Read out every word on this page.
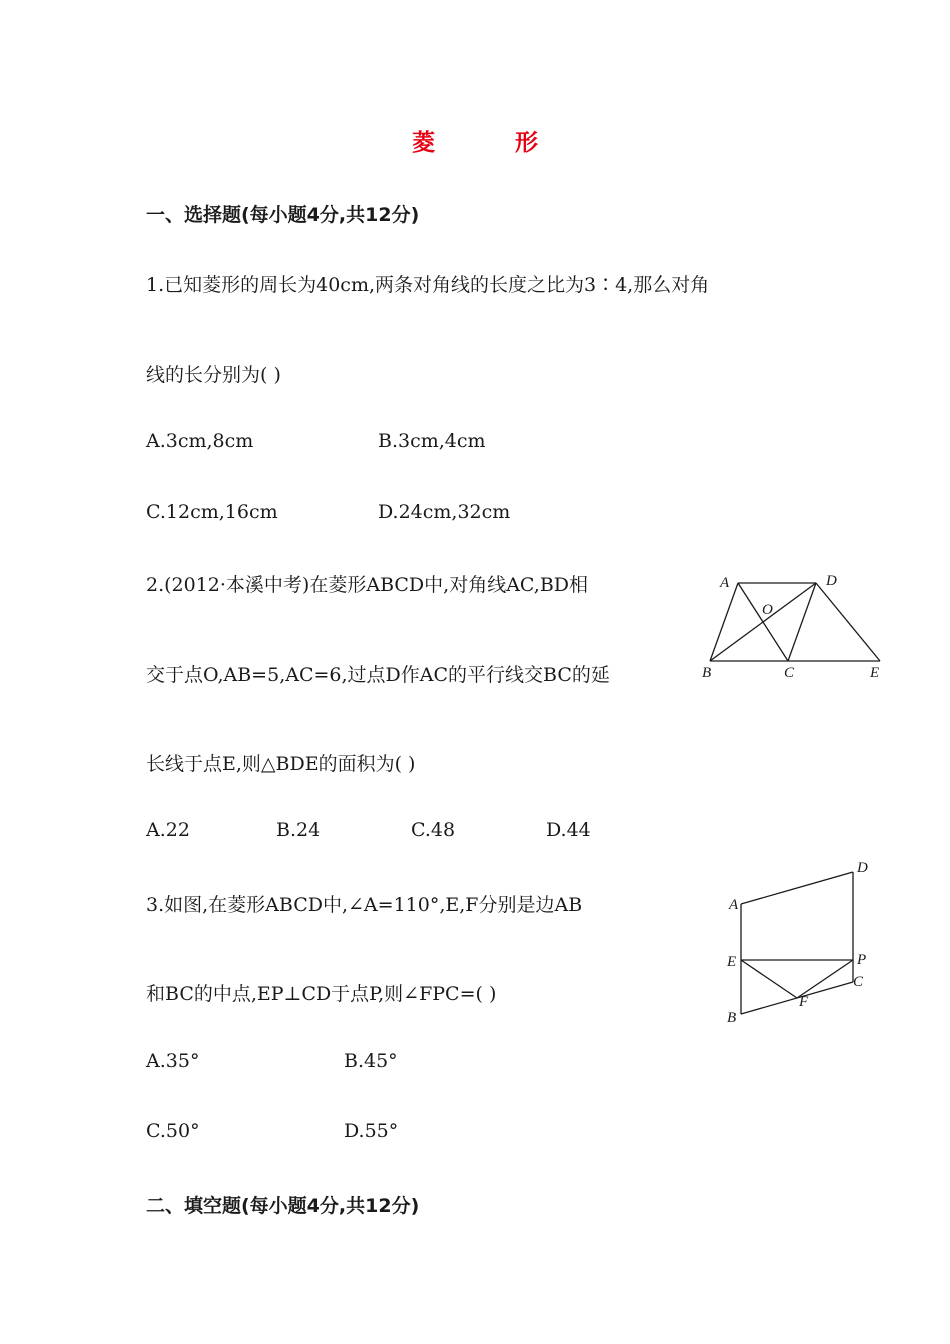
菱 形
一、选择题(每小题4分,共12分)
1.已知菱形的周长为40cm,两条对角线的长度之比为3∶4,那么对角
线的长分别为( )
A.3cm,8cm	B.3cm,4cm
C.12cm,16cm	D.24cm,32cm
2.(2012·本溪中考)在菱形ABCD中,对角线AC,BD相
交于点O,AB=5,AC=6,过点D作AC的平行线交BC的延
长线于点E,则△BDE的面积为( )
A.22	B.24	C.48	D.44
A	D
O
B	C	E
3.如图,在菱形ABCD中,∠A=110°,E,F分别是边AB
和BC的中点,EP⊥CD于点P,则∠FPC=( )
A.35°	B.45°
C.50°	D.55°
D
A
E	P
C
F
B
二、填空题(每小题4分,共12分)
